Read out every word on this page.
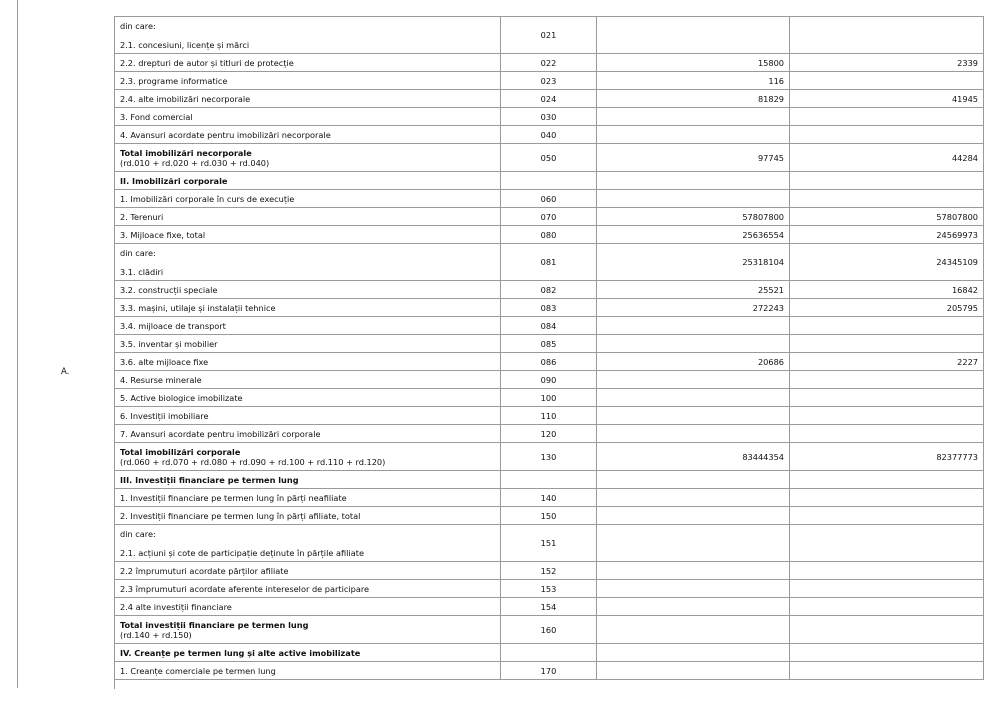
A.
din care:
2.1. concesiuni, licențe și mărci	021		

2.2. drepturi de autor și titluri de protecție	022	15800	2339

2.3. programe informatice	023	116	

2.4. alte imobilizări necorporale	024	81829	41945

3. Fond comercial	030		

4. Avansuri acordate pentru imobilizări necorporale	040		

Total imobilizări necorporale
(rd.010 + rd.020 + rd.030 + rd.040)	050	97745	44284

II. Imobilizări corporale			

1. Imobilizări corporale în curs de execuție	060		

2. Terenuri	070	57807800	57807800

3. Mijloace fixe, total	080	25636554	24569973

din care:
3.1. clădiri	081	25318104	24345109

3.2. construcții speciale	082	25521	16842

3.3. mașini, utilaje și instalații tehnice	083	272243	205795

3.4. mijloace de transport	084		

3.5. inventar și mobilier	085		

3.6. alte mijloace fixe	086	20686	2227

4. Resurse minerale	090		

5. Active biologice imobilizate	100		

6. Investiții imobiliare	110		

7. Avansuri acordate pentru imobilizări corporale	120		

Total imobilizări corporale
(rd.060 + rd.070 + rd.080 + rd.090 + rd.100 + rd.110 + rd.120)	130	83444354	82377773

III. Investiții financiare pe termen lung			

1. Investiții financiare pe termen lung în părți neafiliate	140		

2. Investiții financiare pe termen lung în părți afiliate, total	150		

din care:
2.1. acțiuni și cote de participație deținute în părțile afiliate	151		

2.2 împrumuturi acordate părților afiliate	152		

2.3 împrumuturi acordate aferente intereselor de participare	153		

2.4 alte investiții financiare	154		

Total investiții financiare pe termen lung
(rd.140 + rd.150)	160		

IV. Creanțe pe termen lung și alte active imobilizate			

1. Creanțe comerciale pe termen lung	170		
